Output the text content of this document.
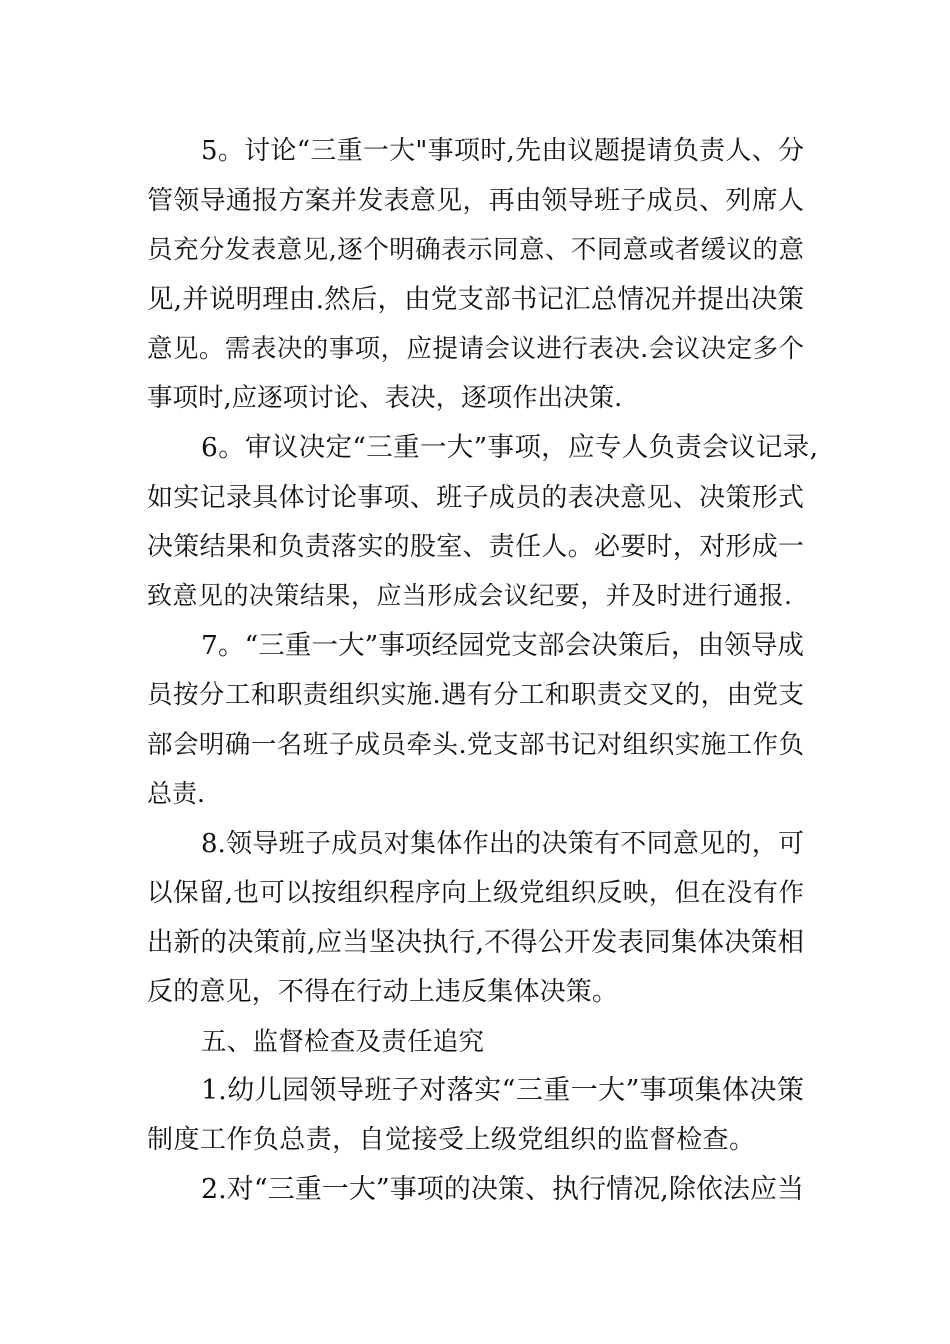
5。讨论“三重一大"事项时,先由议题提请负责人、分
管领导通报方案并发表意见，再由领导班子成员、列席人
员充分发表意见,逐个明确表示同意、不同意或者缓议的意
见,并说明理由.然后，由党支部书记汇总情况并提出决策
意见。需表决的事项，应提请会议进行表决.会议决定多个
事项时,应逐项讨论、表决，逐项作出决策.
6。审议决定“三重一大”事项，应专人负责会议记录,
如实记录具体讨论事项、班子成员的表决意见、决策形式
决策结果和负责落实的股室、责任人。必要时，对形成一
致意见的决策结果，应当形成会议纪要，并及时进行通报.
7。“三重一大”事项经园党支部会决策后，由领导成
员按分工和职责组织实施.遇有分工和职责交叉的，由党支
部会明确一名班子成员牵头.党支部书记对组织实施工作负
总责.
8.领导班子成员对集体作出的决策有不同意见的，可
以保留,也可以按组织程序向上级党组织反映，但在没有作
出新的决策前,应当坚决执行,不得公开发表同集体决策相
反的意见，不得在行动上违反集体决策。
五、监督检查及责任追究
1.幼儿园领导班子对落实“三重一大”事项集体决策
制度工作负总责，自觉接受上级党组织的监督检查。
2.对“三重一大”事项的决策、执行情况,除依法应当
